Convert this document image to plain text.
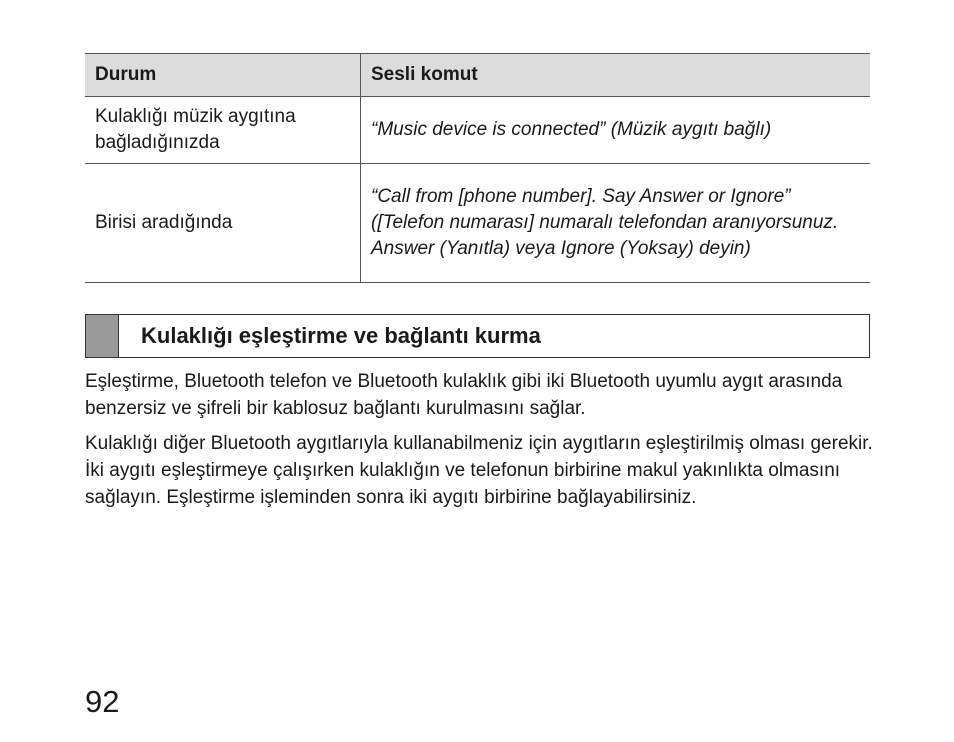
Durum	Sesli komut
Kulaklığı müzik aygıtına bağladığınızda	“Music device is connected” (Müzik aygıtı bağlı)
Birisi aradığında	“Call from [phone number]. Say Answer or Ignore” ([Telefon numarası] numaralı telefondan aranıyorsunuz. Answer (Yanıtla) veya Ignore (Yoksay) deyin)
Kulaklığı eşleştirme ve bağlantı kurma

Eşleştirme, Bluetooth telefon ve Bluetooth kulaklık gibi iki Bluetooth uyumlu aygıt arasında benzersiz ve şifreli bir kablosuz bağlantı kurulmasını sağlar.

Kulaklığı diğer Bluetooth aygıtlarıyla kullanabilmeniz için aygıtların eşleştirilmiş olması gerekir. İki aygıtı eşleştirmeye çalışırken kulaklığın ve telefonun birbirine makul yakınlıkta olmasını sağlayın. Eşleştirme işleminden sonra iki aygıtı birbirine bağlayabilirsiniz.

92
